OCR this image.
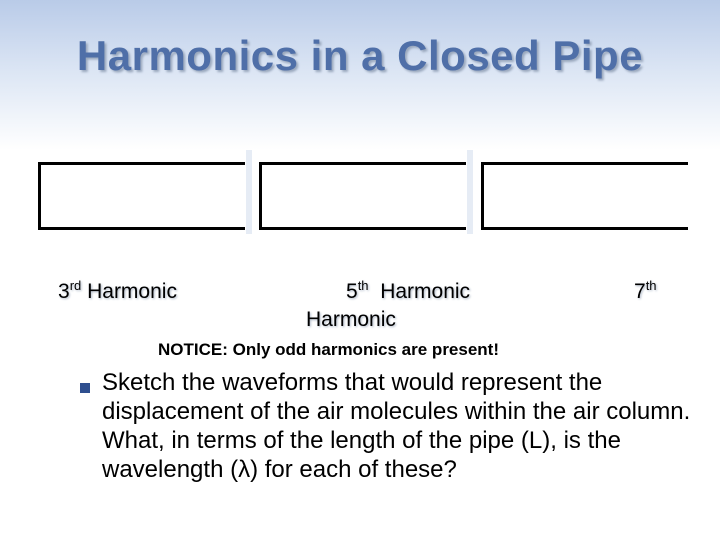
Harmonics in a Closed Pipe
3rd Harmonic	5th Harmonic	7th
Harmonic
NOTICE: Only odd harmonics are present!
Sketch the waveforms that would represent the displacement of the air molecules within the air column. What, in terms of the length of the pipe (L), is the wavelength (λ) for each of these?
